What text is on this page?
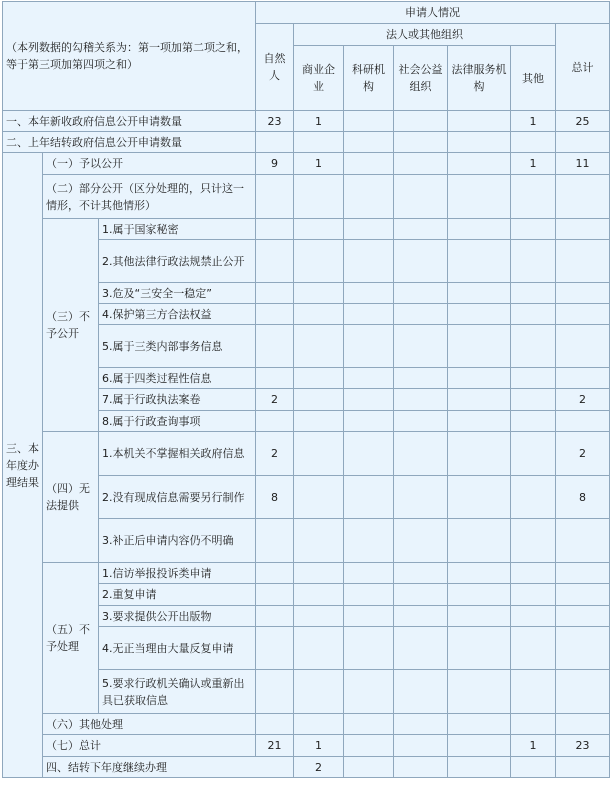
（本列数据的勾稽关系为：第一项加第二项之和，等于第三项加第四项之和）			申请人情况							
			自然人	法人或其他组织					总计	
				商业企业	科研机构	社会公益组织	法律服务机构	其他		
一、本年新收政府信息公开申请数量			23	1				1	25	
二、上年结转政府信息公开申请数量										
三、本年度办理结果	（一）予以公开		9	1				1	11	
	（二）部分公开（区分处理的，只计这一情形，不计其他情形）									
	（三）不予公开	1.属于国家秘密								
		2.其他法律行政法规禁止公开								
		3.危及“三安全一稳定”								
		4.保护第三方合法权益								
		5.属于三类内部事务信息								
		6.属于四类过程性信息								
		7.属于行政执法案卷	2						2	
		8.属于行政查询事项								
	（四）无法提供	1.本机关不掌握相关政府信息	2						2	
		2.没有现成信息需要另行制作	8						8	
		3.补正后申请内容仍不明确								
	（五）不予处理	1.信访举报投诉类申请								
		2.重复申请								
		3.要求提供公开出版物								
		4.无正当理由大量反复申请								
		5.要求行政机关确认或重新出具已获取信息								
	（六）其他处理									
	（七）总计		21	1				1	23	
	四、结转下年度继续办理			2						
